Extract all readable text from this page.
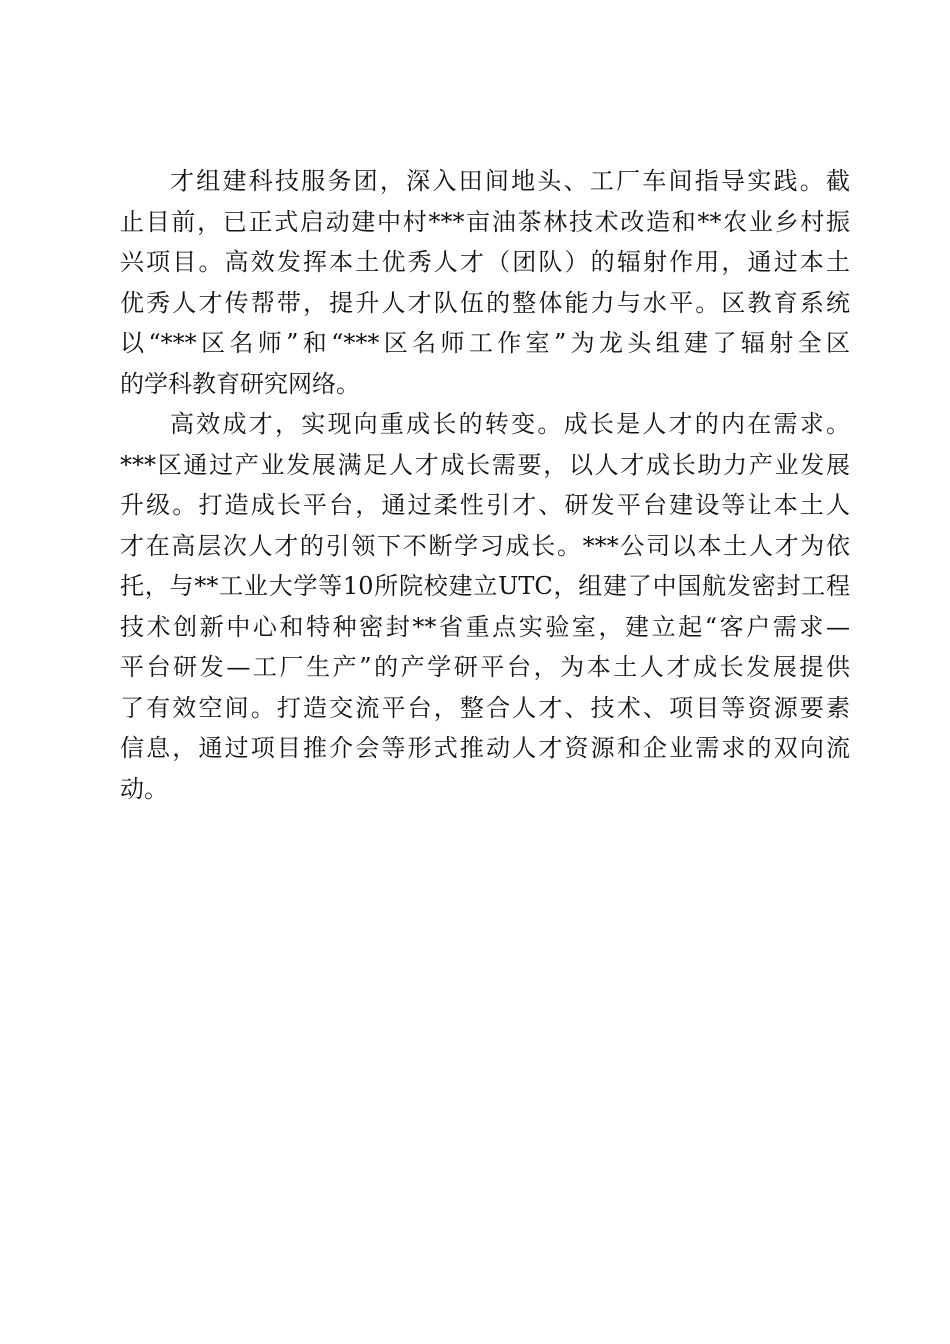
才组建科技服务团，深入田间地头、工厂车间指导实践。截
止目前，已正式启动建中村***亩油茶林技术改造和**农业乡村振
兴项目。高效发挥本土优秀人才（团队）的辐射作用，通过本土
优秀人才传帮带，提升人才队伍的整体能力与水平。区教育系统
以“***区名师”和“***区名师工作室”为龙头组建了辐射全区
的学科教育研究网络。
高效成才，实现向重成长的转变。成长是人才的内在需求。
***区通过产业发展满足人才成长需要，以人才成长助力产业发展
升级。打造成长平台，通过柔性引才、研发平台建设等让本土人
才在高层次人才的引领下不断学习成长。***公司以本土人才为依
托，与**工业大学等10所院校建立UTC，组建了中国航发密封工程
技术创新中心和特种密封**省重点实验室，建立起“客户需求—
平台研发—工厂生产”的产学研平台，为本土人才成长发展提供
了有效空间。打造交流平台，整合人才、技术、项目等资源要素
信息，通过项目推介会等形式推动人才资源和企业需求的双向流
动。
